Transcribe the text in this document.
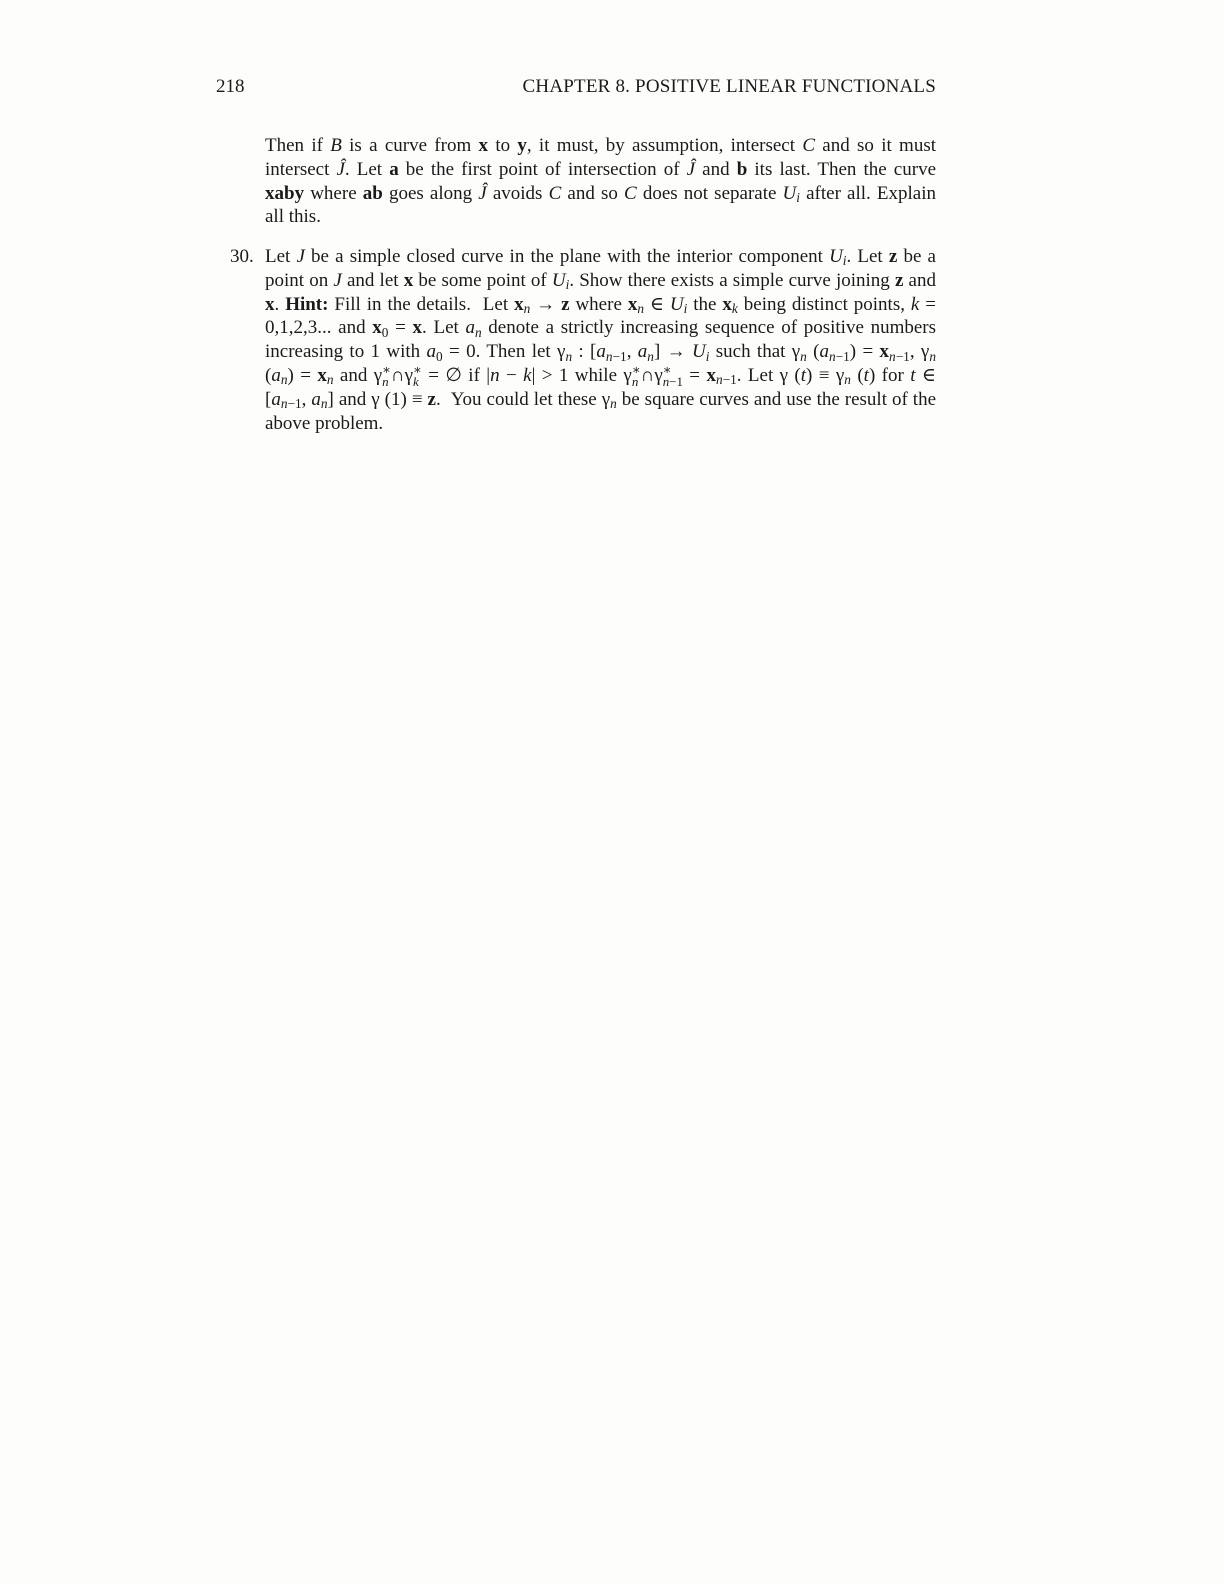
218	CHAPTER 8. POSITIVE LINEAR FUNCTIONALS
Then if B is a curve from x to y, it must, by assumption, intersect C and so it must intersect Ĵ. Let a be the first point of intersection of Ĵ and b its last. Then the curve xaby where ab goes along Ĵ avoids C and so C does not separate $U_i$ after all. Explain all this.
30. Let J be a simple closed curve in the plane with the interior component $U_i$. Let z be a point on J and let x be some point of $U_i$. Show there exists a simple curve joining z and x. Hint: Fill in the details.  Let $x_n \to z$ where $x_n$ ∈ $U_i$ the $x_k$ being distinct points, k = 0,1,2,3... and $x_0 = x$. Let $a_n$ denote a strictly increasing sequence of positive numbers increasing to 1 with $a_0 = 0$. Then let $\gamma_n$ : [$a_{n-1}$, $a_n] \to U_i$ such that $\gamma_n$ $(a_{n-1}) = x_{n-1}$, $\gamma_n$ $(a_n) = x_n$ and γ ∗
n ∩γ ∗
k = ∅ if |n − k| > 1 while γ ∗
n ∩γ ∗
$n-1 = x_{n-1}$. Let γ $(t) \equiv \gamma_n$ (t) for t ∈ [$a_{n-1}$, $a_n$] and γ (1) ≡ z.  You could let these $\gamma_n$ be square curves and use the result of the above problem.
